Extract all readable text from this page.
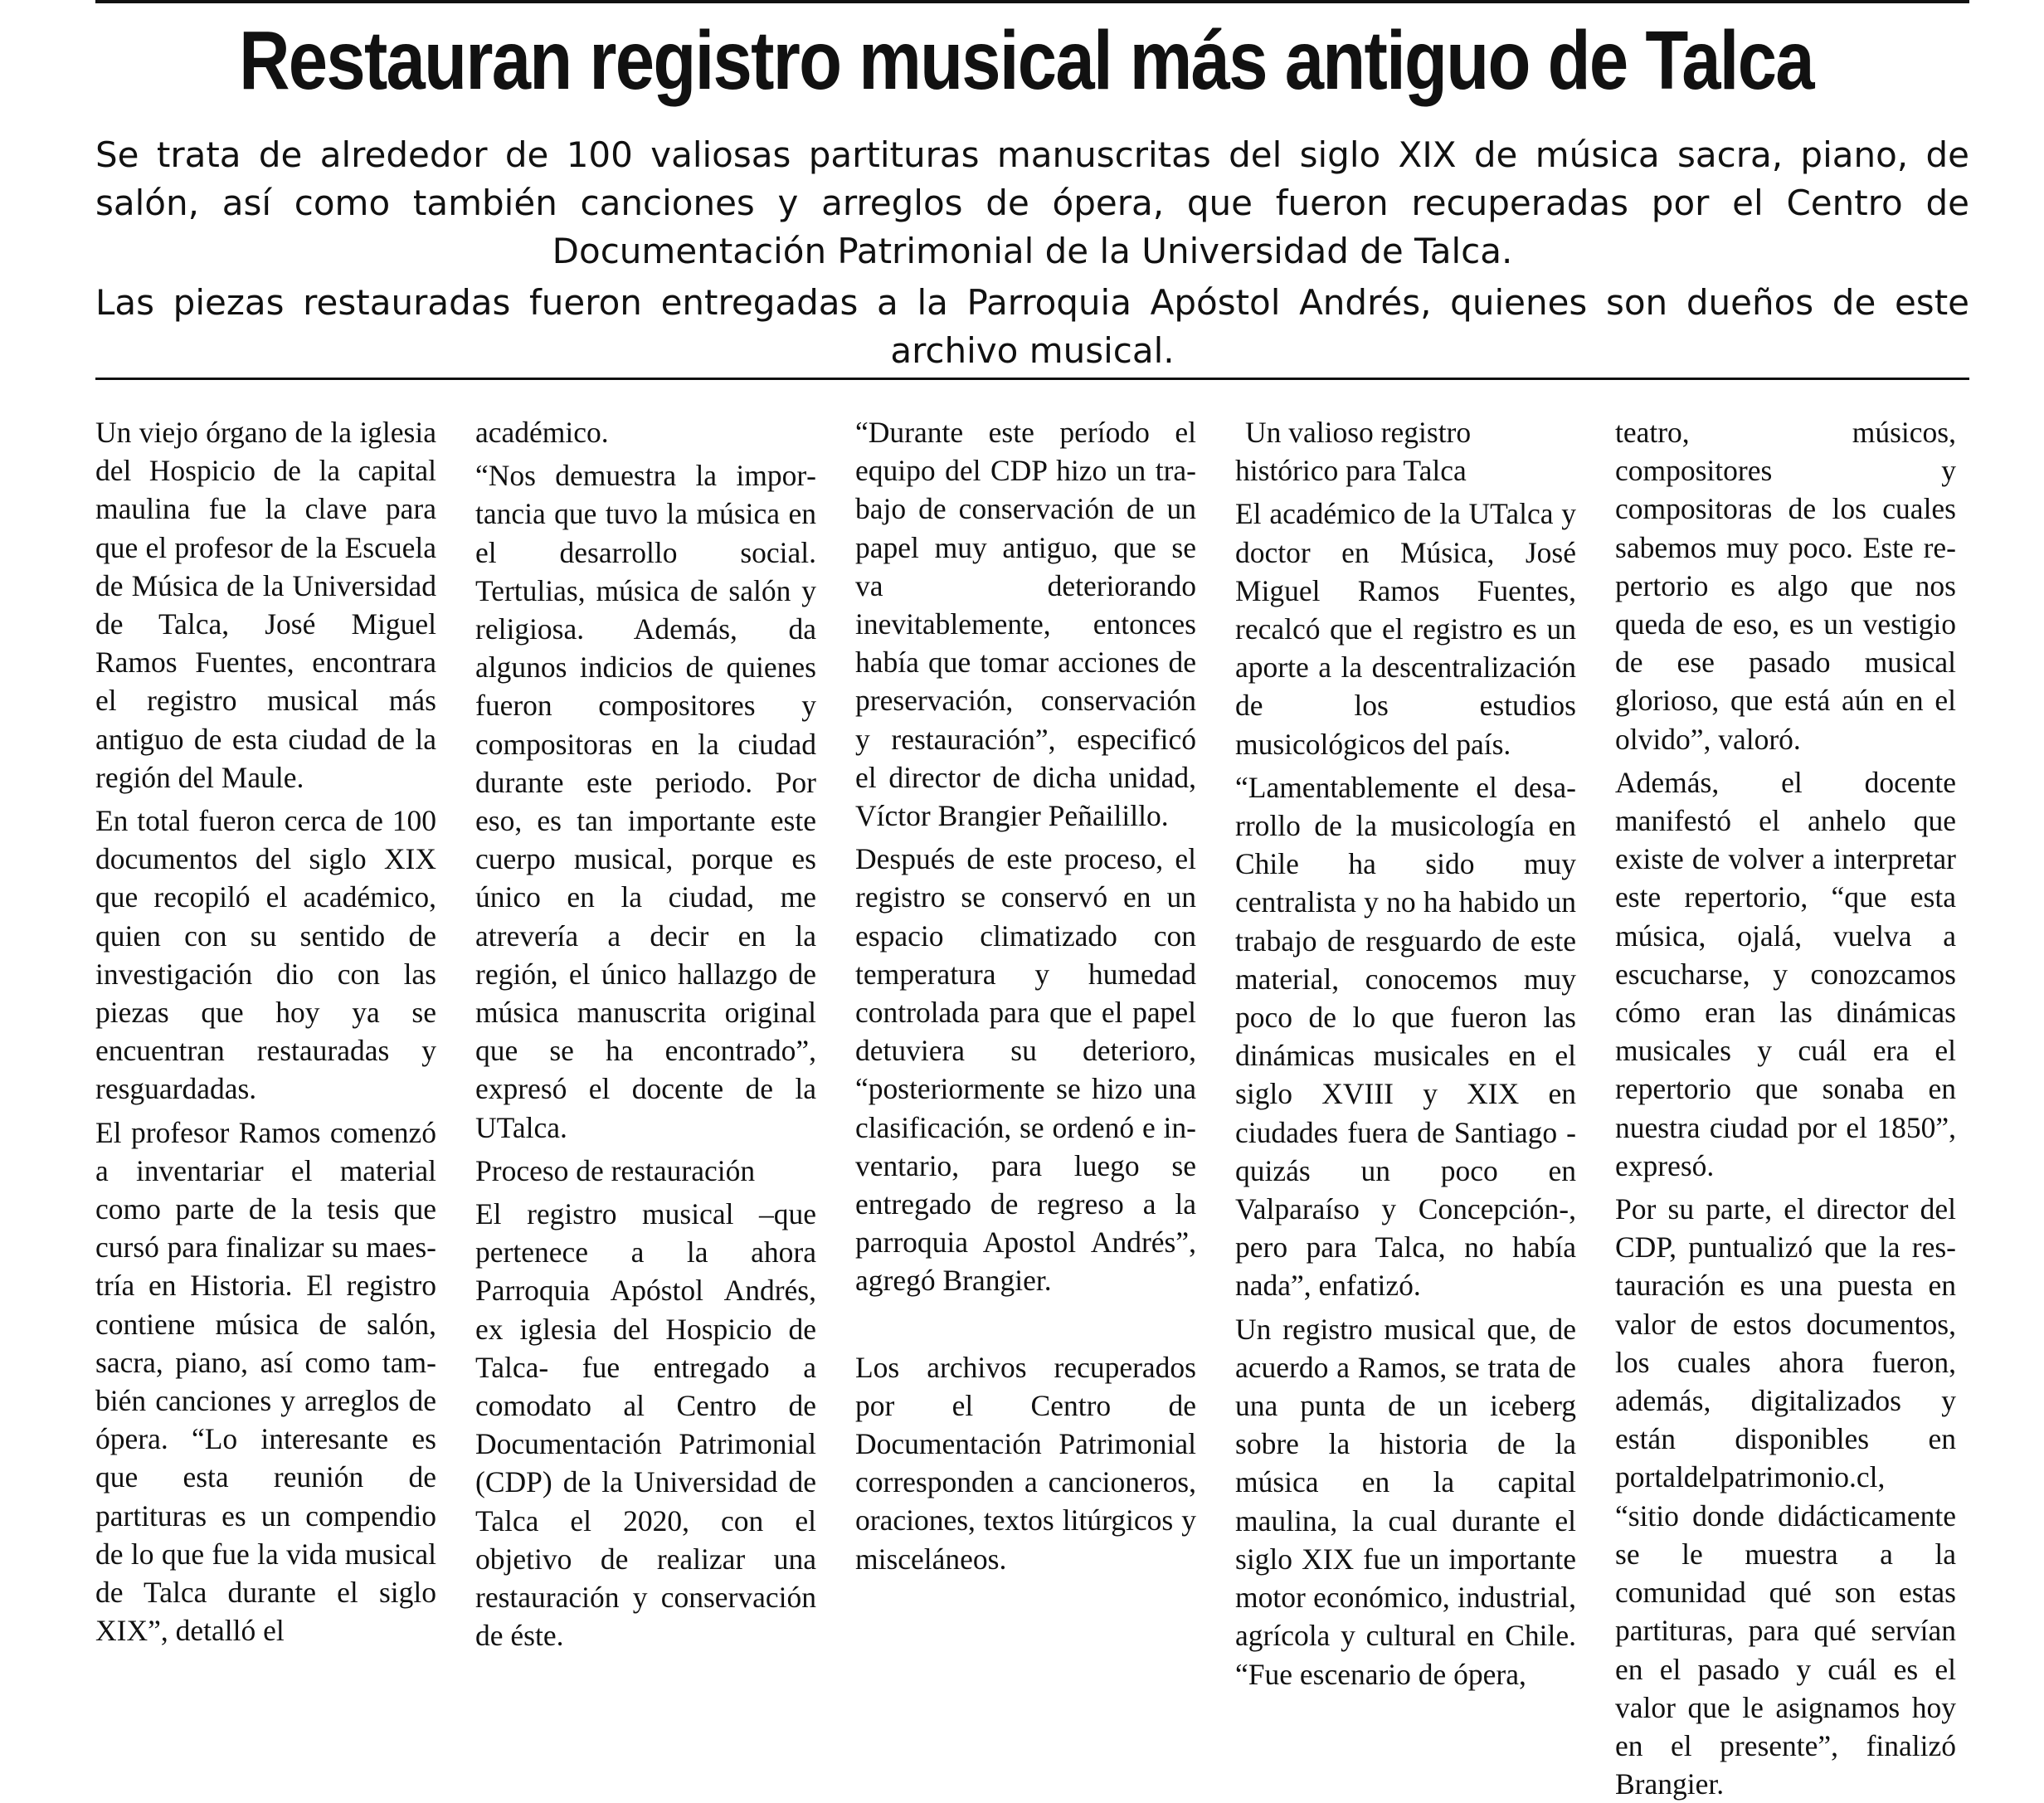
Restauran registro musical más antiguo de Talca

Se trata de alrededor de 100 valiosas partituras manuscritas del siglo XIX de música sacra, piano, de salón, así como también canciones y arreglos de ópera, que fueron recuperadas por el Centro de Documentación Patrimonial de la Universidad de Talca.

Las piezas restauradas fueron entregadas a la Parroquia Apóstol Andrés, quienes son dueños de este archivo musical.

Un viejo órgano de la iglesia del Hospicio de la capital maulina fue la clave para que el profesor de la Escuela de Música de la Universidad de Talca, José Miguel Ramos Fuentes, encontrara el registro musical más antiguo de esta ciudad de la región del Maule.

En total fueron cerca de 100 documentos del siglo XIX que recopiló el académico, quien con su sentido de investigación dio con las piezas que hoy ya se encuentran restauradas y resguardadas.

El profesor Ramos comenzó a inventariar el material como parte de la tesis que cursó para finalizar su maestría en Historia. El registro contiene música de salón, sacra, piano, así como también canciones y arreglos de ópera. “Lo interesante es que esta reunión de partituras es un compendio de lo que fue la vida musical de Talca durante el siglo XIX”, detalló el

académico.

“Nos demuestra la importancia que tuvo la música en el desarrollo social. Tertulias, música de salón y religiosa. Además, da algunos indicios de quienes fueron compositores y compositoras en la ciudad durante este periodo. Por eso, es tan importante este cuerpo musical, porque es único en la ciudad, me atrevería a decir en la región, el único hallazgo de música manuscrita original que se ha encontrado”, expresó el docente de la UTalca.

Proceso de restauración

El registro musical –que pertenece a la ahora Parroquia Apóstol Andrés, ex iglesia del Hospicio de Talca- fue entregado a comodato al Centro de Documentación Patrimonial (CDP) de la Universidad de Talca el 2020, con el objetivo de realizar una restauración y conservación de éste.

“Durante este período el equipo del CDP hizo un trabajo de conservación de un papel muy antiguo, que se va deteriorando inevitablemente, entonces había que tomar acciones de preservación, conservación y restauración”, especificó el director de dicha unidad, Víctor Brangier Peñailillo.

Después de este proceso, el registro se conservó en un espacio climatizado con temperatura y humedad controlada para que el papel detuviera su deterioro, “posteriormente se hizo una clasificación, se ordenó e inventario, para luego se entregado de regreso a la parroquia Apostol Andrés”, agregó Brangier.

Los archivos recuperados por el Centro de Documentación Patrimonial corresponden a cancioneros, oraciones, textos litúrgicos y misceláneos.

Un valioso registro histórico para Talca

El académico de la UTalca y doctor en Música, José Miguel Ramos Fuentes, recalcó que el registro es un aporte a la descentralización de los estudios musicológicos del país.

“Lamentablemente el desarrollo de la musicología en Chile ha sido muy centralista y no ha habido un trabajo de resguardo de este material, conocemos muy poco de lo que fueron las dinámicas musicales en el siglo XVIII y XIX en ciudades fuera de Santiago -quizás un poco en Valparaíso y Concepción-, pero para Talca, no había nada”, enfatizó.

Un registro musical que, de acuerdo a Ramos, se trata de una punta de un iceberg sobre la historia de la música en la capital maulina, la cual durante el siglo XIX fue un importante motor económico, industrial, agrícola y cultural en Chile. “Fue escenario de ópera,

teatro, músicos, compositores y compositoras de los cuales sabemos muy poco. Este repertorio es algo que nos queda de eso, es un vestigio de ese pasado musical glorioso, que está aún en el olvido”, valoró.

Además, el docente manifestó el anhelo que existe de volver a interpretar este repertorio, “que esta música, ojalá, vuelva a escucharse, y conozcamos cómo eran las dinámicas musicales y cuál era el repertorio que sonaba en nuestra ciudad por el 1850”, expresó.

Por su parte, el director del CDP, puntualizó que la restauración es una puesta en valor de estos documentos, los cuales ahora fueron, además, digitalizados y están disponibles en portaldelpatrimonio.cl, “sitio donde didácticamente se le muestra a la comunidad qué son estas partituras, para qué servían en el pasado y cuál es el valor que le asignamos hoy en el presente”, finalizó Brangier.
